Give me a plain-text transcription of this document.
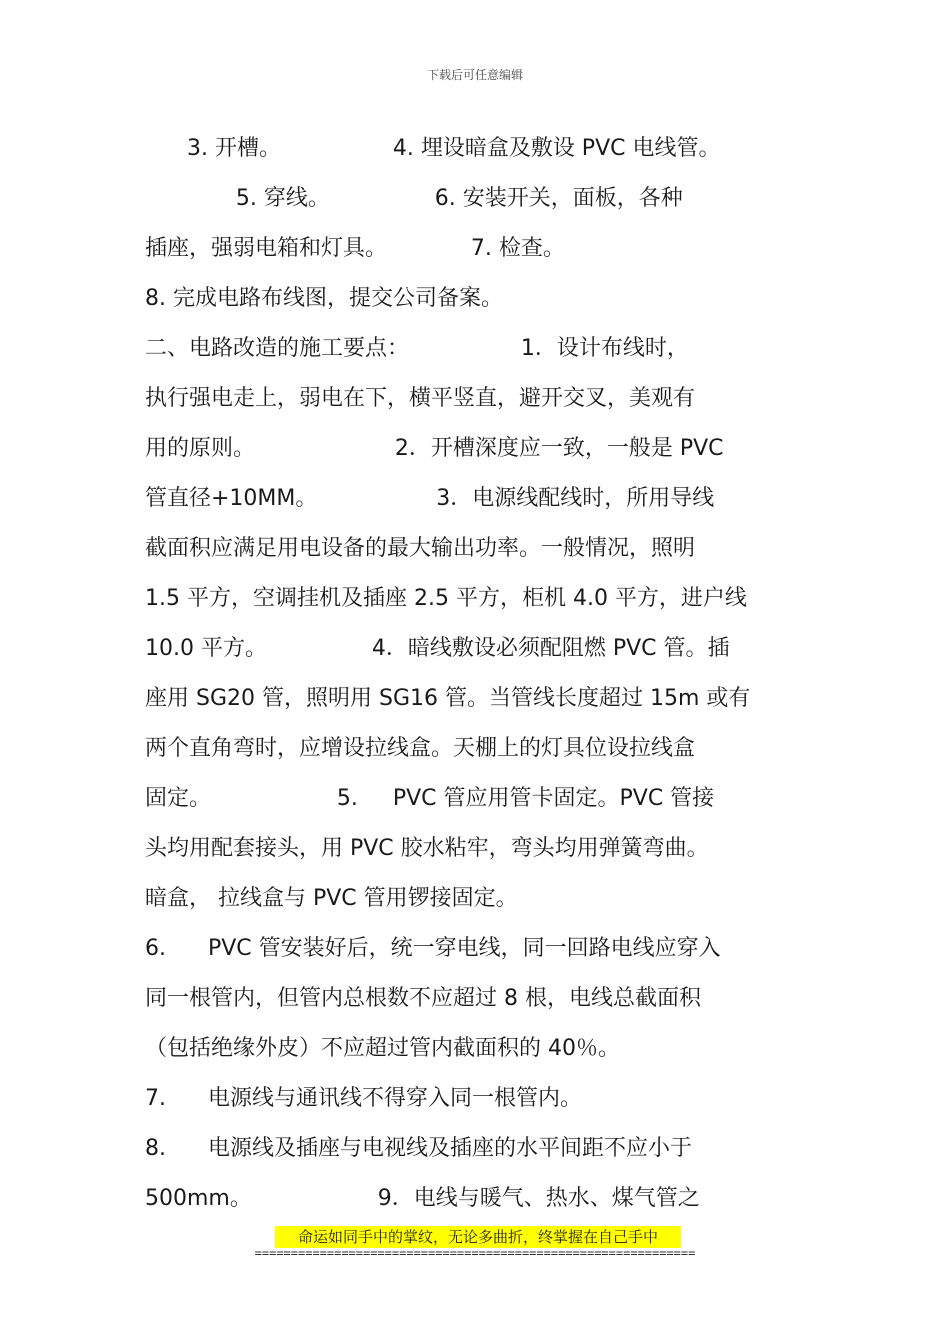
下载后可任意编辑
3. 开槽。                4. 埋设暗盒及敷设 PVC 电线管。
5. 穿线。               6. 安装开关，面板，各种
插座，强弱电箱和灯具。            7. 检查。
8. 完成电路布线图，提交公司备案。
二、电路改造的施工要点：                1．设计布线时，
执行强电走上，弱电在下，横平竖直，避开交叉，美观有
用的原则。                    2．开槽深度应一致，一般是 PVC
管直径+10MM。                 3．电源线配线时，所用导线
截面积应满足用电设备的最大输出功率。一般情况，照明
1.5 平方，空调挂机及插座 2.5 平方，柜机 4.0 平方，进户线
10.0 平方。               4．暗线敷设必须配阻燃 PVC 管。插
座用 SG20 管，照明用 SG16 管。当管线长度超过 15m 或有
两个直角弯时，应增设拉线盒。天棚上的灯具位设拉线盒
固定。                  5.     PVC 管应用管卡固定。PVC 管接
头均用配套接头，用 PVC 胶水粘牢，弯头均用弹簧弯曲。
暗盒， 拉线盒与 PVC 管用锣接固定。
6.      PVC 管安装好后，统一穿电线，同一回路电线应穿入
同一根管内，但管内总根数不应超过 8 根，电线总截面积
（包括绝缘外皮）不应超过管内截面积的 40％。
7.      电源线与通讯线不得穿入同一根管内。
8.      电源线及插座与电视线及插座的水平间距不应小于
500mm。                  9．电线与暖气、热水、煤气管之
命运如同手中的掌纹，无论多曲折，终掌握在自己手中
=============================================================
